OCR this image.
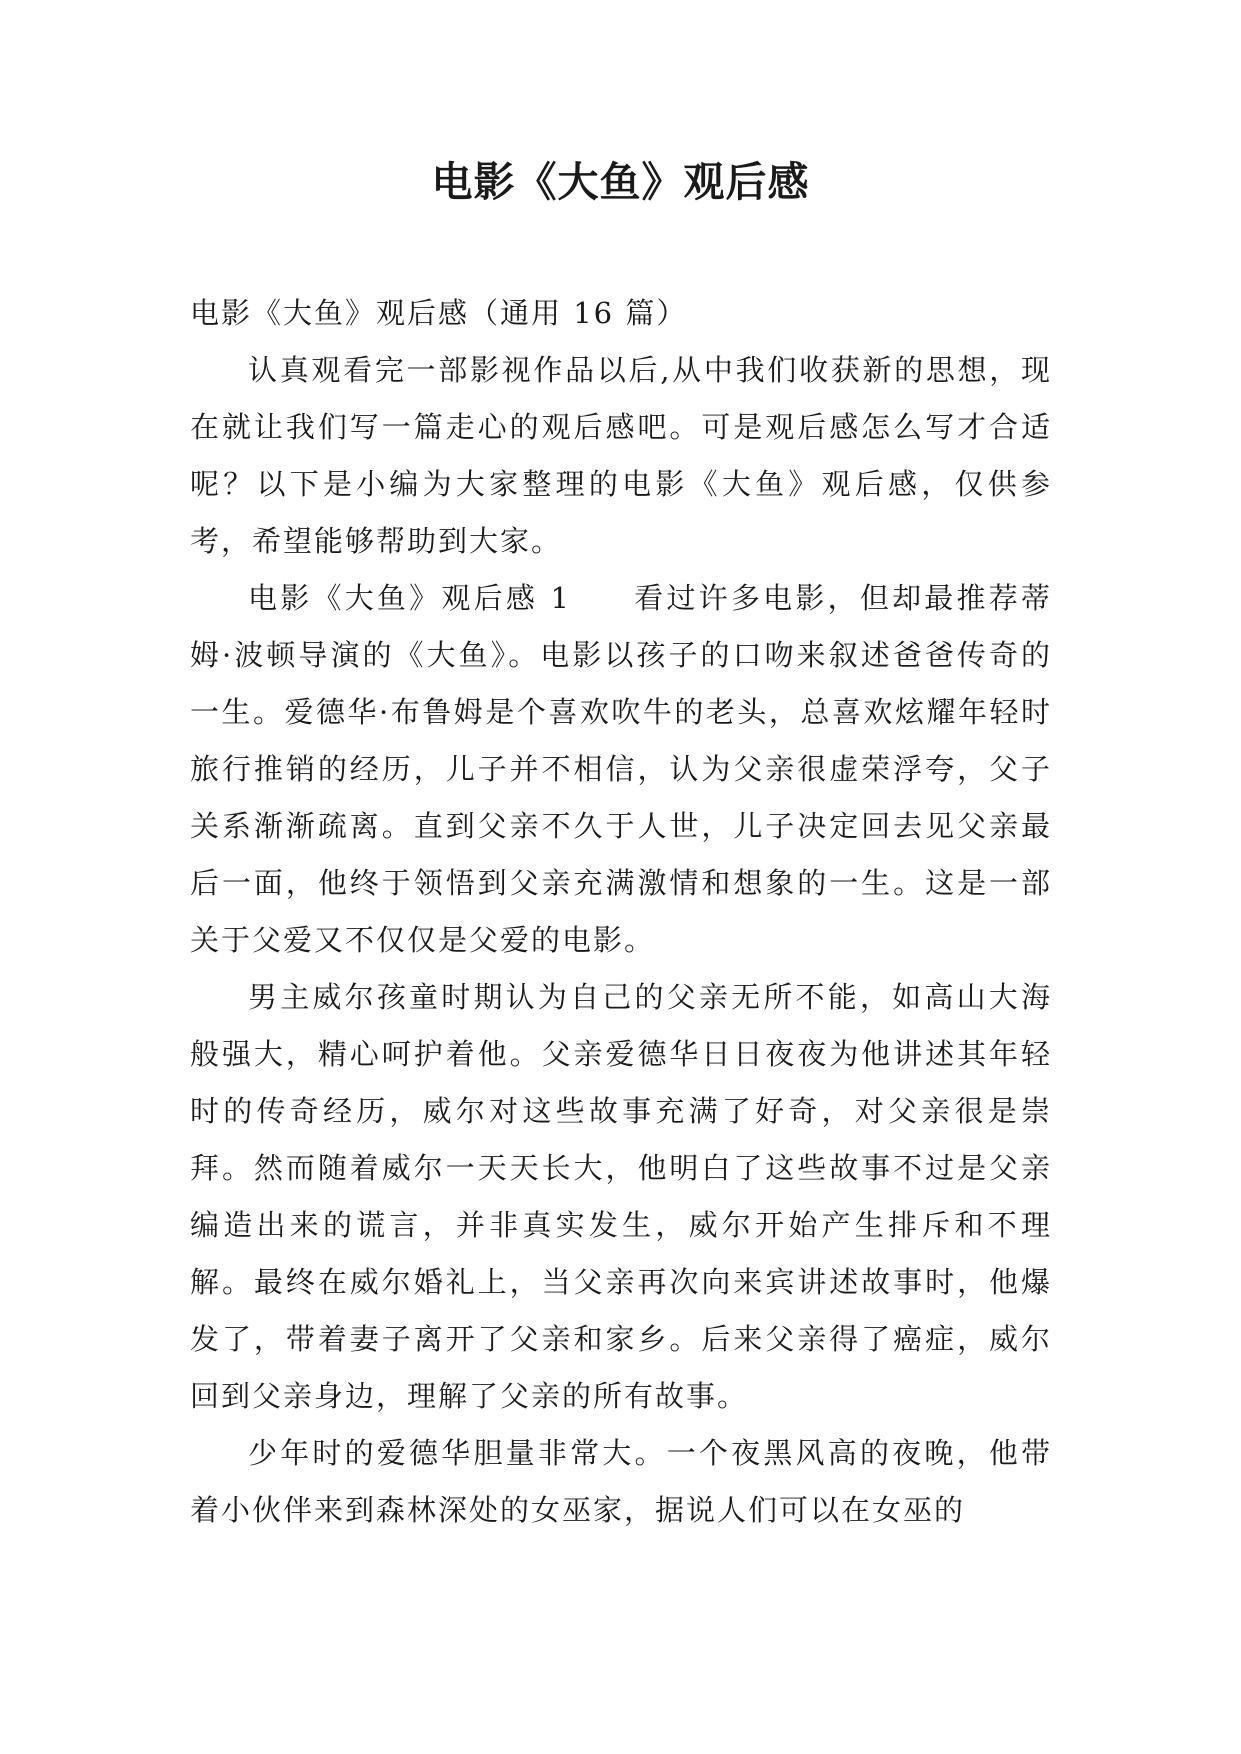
电影《大鱼》观后感

电影《大鱼》观后感（通用 16 篇）

认真观看完一部影视作品以后,从中我们收获新的思想，现在就让我们写一篇走心的观后感吧。可是观后感怎么写才合适呢？以下是小编为大家整理的电影《大鱼》观后感，仅供参考，希望能够帮助到大家。

电影《大鱼》观后感 1 看过许多电影，但却最推荐蒂姆·波顿导演的《大鱼》。电影以孩子的口吻来叙述爸爸传奇的一生。爱德华·布鲁姆是个喜欢吹牛的老头，总喜欢炫耀年轻时旅行推销的经历，儿子并不相信，认为父亲很虚荣浮夸，父子关系渐渐疏离。直到父亲不久于人世，儿子决定回去见父亲最后一面，他终于领悟到父亲充满激情和想象的一生。这是一部关于父爱又不仅仅是父爱的电影。

男主威尔孩童时期认为自己的父亲无所不能，如高山大海般强大，精心呵护着他。父亲爱德华日日夜夜为他讲述其年轻时的传奇经历，威尔对这些故事充满了好奇，对父亲很是崇拜。然而随着威尔一天天长大，他明白了这些故事不过是父亲编造出来的谎言，并非真实发生，威尔开始产生排斥和不理解。最终在威尔婚礼上，当父亲再次向来宾讲述故事时，他爆发了，带着妻子离开了父亲和家乡。后来父亲得了癌症，威尔回到父亲身边，理解了父亲的所有故事。

少年时的爱德华胆量非常大。一个夜黑风高的夜晚，他带着小伙伴来到森林深处的女巫家，据说人们可以在女巫的
